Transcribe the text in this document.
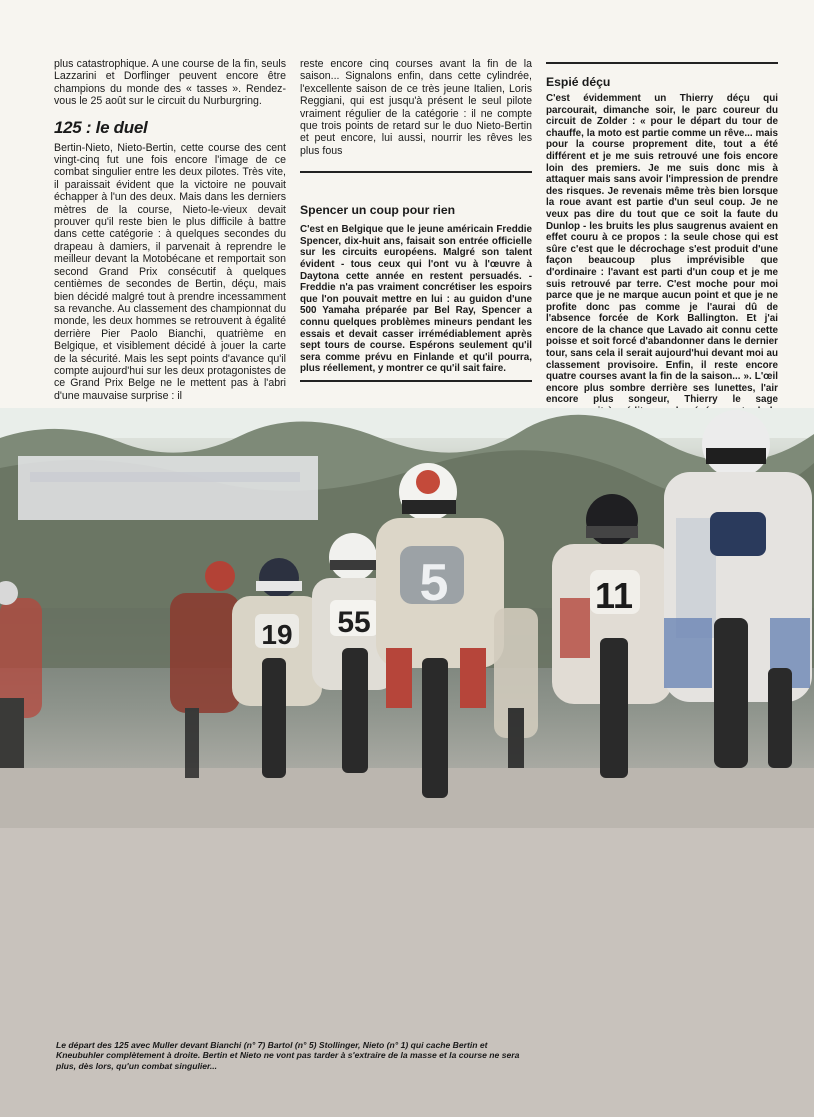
plus catastrophique. A une course de la fin, seuls Lazzarini et Dorflinger peuvent encore être champions du monde des « tasses ». Rendez-vous le 25 août sur le circuit du Nurburgring.

125 : le duel

Bertin-Nieto, Nieto-Bertin, cette course des cent vingt-cinq fut une fois encore l'image de ce combat singulier entre les deux pilotes. Très vite, il paraissait évident que la victoire ne pouvait échapper à l'un des deux. Mais dans les derniers mètres de la course, Nieto-le-vieux devait prouver qu'il reste bien le plus difficile à battre dans cette catégorie : à quelques secondes du drapeau à damiers, il parvenait à reprendre le meilleur devant la Motobécane et remportait son second Grand Prix consécutif à quelques centièmes de secondes de Bertin, déçu, mais bien décidé malgré tout à prendre incessamment sa revanche. Au classement des championnat du monde, les deux hommes se retrouvent à égalité derrière Pier Paolo Bianchi, quatrième en Belgique, et visiblement décidé à jouer la carte de la sécurité. Mais les sept points d'avance qu'il compte aujourd'hui sur les deux protagonistes de ce Grand Prix Belge ne le mettent pas à l'abri d'une mauvaise surprise : il

reste encore cinq courses avant la fin de la saison... Signalons enfin, dans cette cylindrée, l'excellente saison de ce très jeune Italien, Loris Reggiani, qui est jusqu'à présent le seul pilote vraiment régulier de la catégorie : il ne compte que trois points de retard sur le duo Nieto-Bertin et peut encore, lui aussi, nourrir les rêves les plus fous

Spencer un coup pour rien

C'est en Belgique que le jeune américain Freddie Spencer, dix-huit ans, faisait son entrée officielle sur les circuits européens. Malgré son talent évident - tous ceux qui l'ont vu à l'œuvre à Daytona cette année en restent persuadés. - Freddie n'a pas vraiment concrétiser les espoirs que l'on pouvait mettre en lui : au guidon d'une 500 Yamaha préparée par Bel Ray, Spencer a connu quelques problèmes mineurs pendant les essais et devait casser irrémédiablement après sept tours de course. Espérons seulement qu'il sera comme prévu en Finlande et qu'il pourra, plus réellement, y montrer ce qu'il sait faire.

Espié déçu

C'est évidemment un Thierry déçu qui parcourait, dimanche soir, le parc coureur du circuit de Zolder : « pour le départ du tour de chauffe, la moto est partie comme un rêve... mais pour la course proprement dite, tout a été différent et je me suis retrouvé une fois encore loin des premiers. Je me suis donc mis à attaquer mais sans avoir l'impression de prendre des risques. Je revenais même très bien lorsque la roue avant est partie d'un seul coup. Je ne veux pas dire du tout que ce soit la faute du Dunlop - les bruits les plus saugrenus avaient en effet couru à ce propos : la seule chose qui est sûre c'est que le décrochage s'est produit d'une façon beaucoup plus imprévisible que d'ordinaire : l'avant est parti d'un coup et je me suis retrouvé par terre. C'est moche pour moi parce que je ne marque aucun point et que je ne profite donc pas comme je l'aurai dû de l'absence forcée de Kork Ballington. Et j'ai encore de la chance que Lavado ait connu cette poisse et soit forcé d'abandonner dans le dernier tour, sans cela il serait aujourd'hui devant moi au classement provisoire. Enfin, il reste encore quatre courses avant la fin de la saison... ». L'œil encore plus sombre derrière ses lunettes, l'air encore plus songeur, Thierry le sage

19 55
5	11
Le départ des 125 avec Muller devant Bianchi (n° 7) Bartol (n° 5) Stollinger, Nieto (n° 1) qui cache Bertin et Kneubuhler complètement à droite. Bertin et Nieto ne vont pas tarder à s'extraire de la masse et la course ne sera plus, dès lors, qu'un combat singulier...
